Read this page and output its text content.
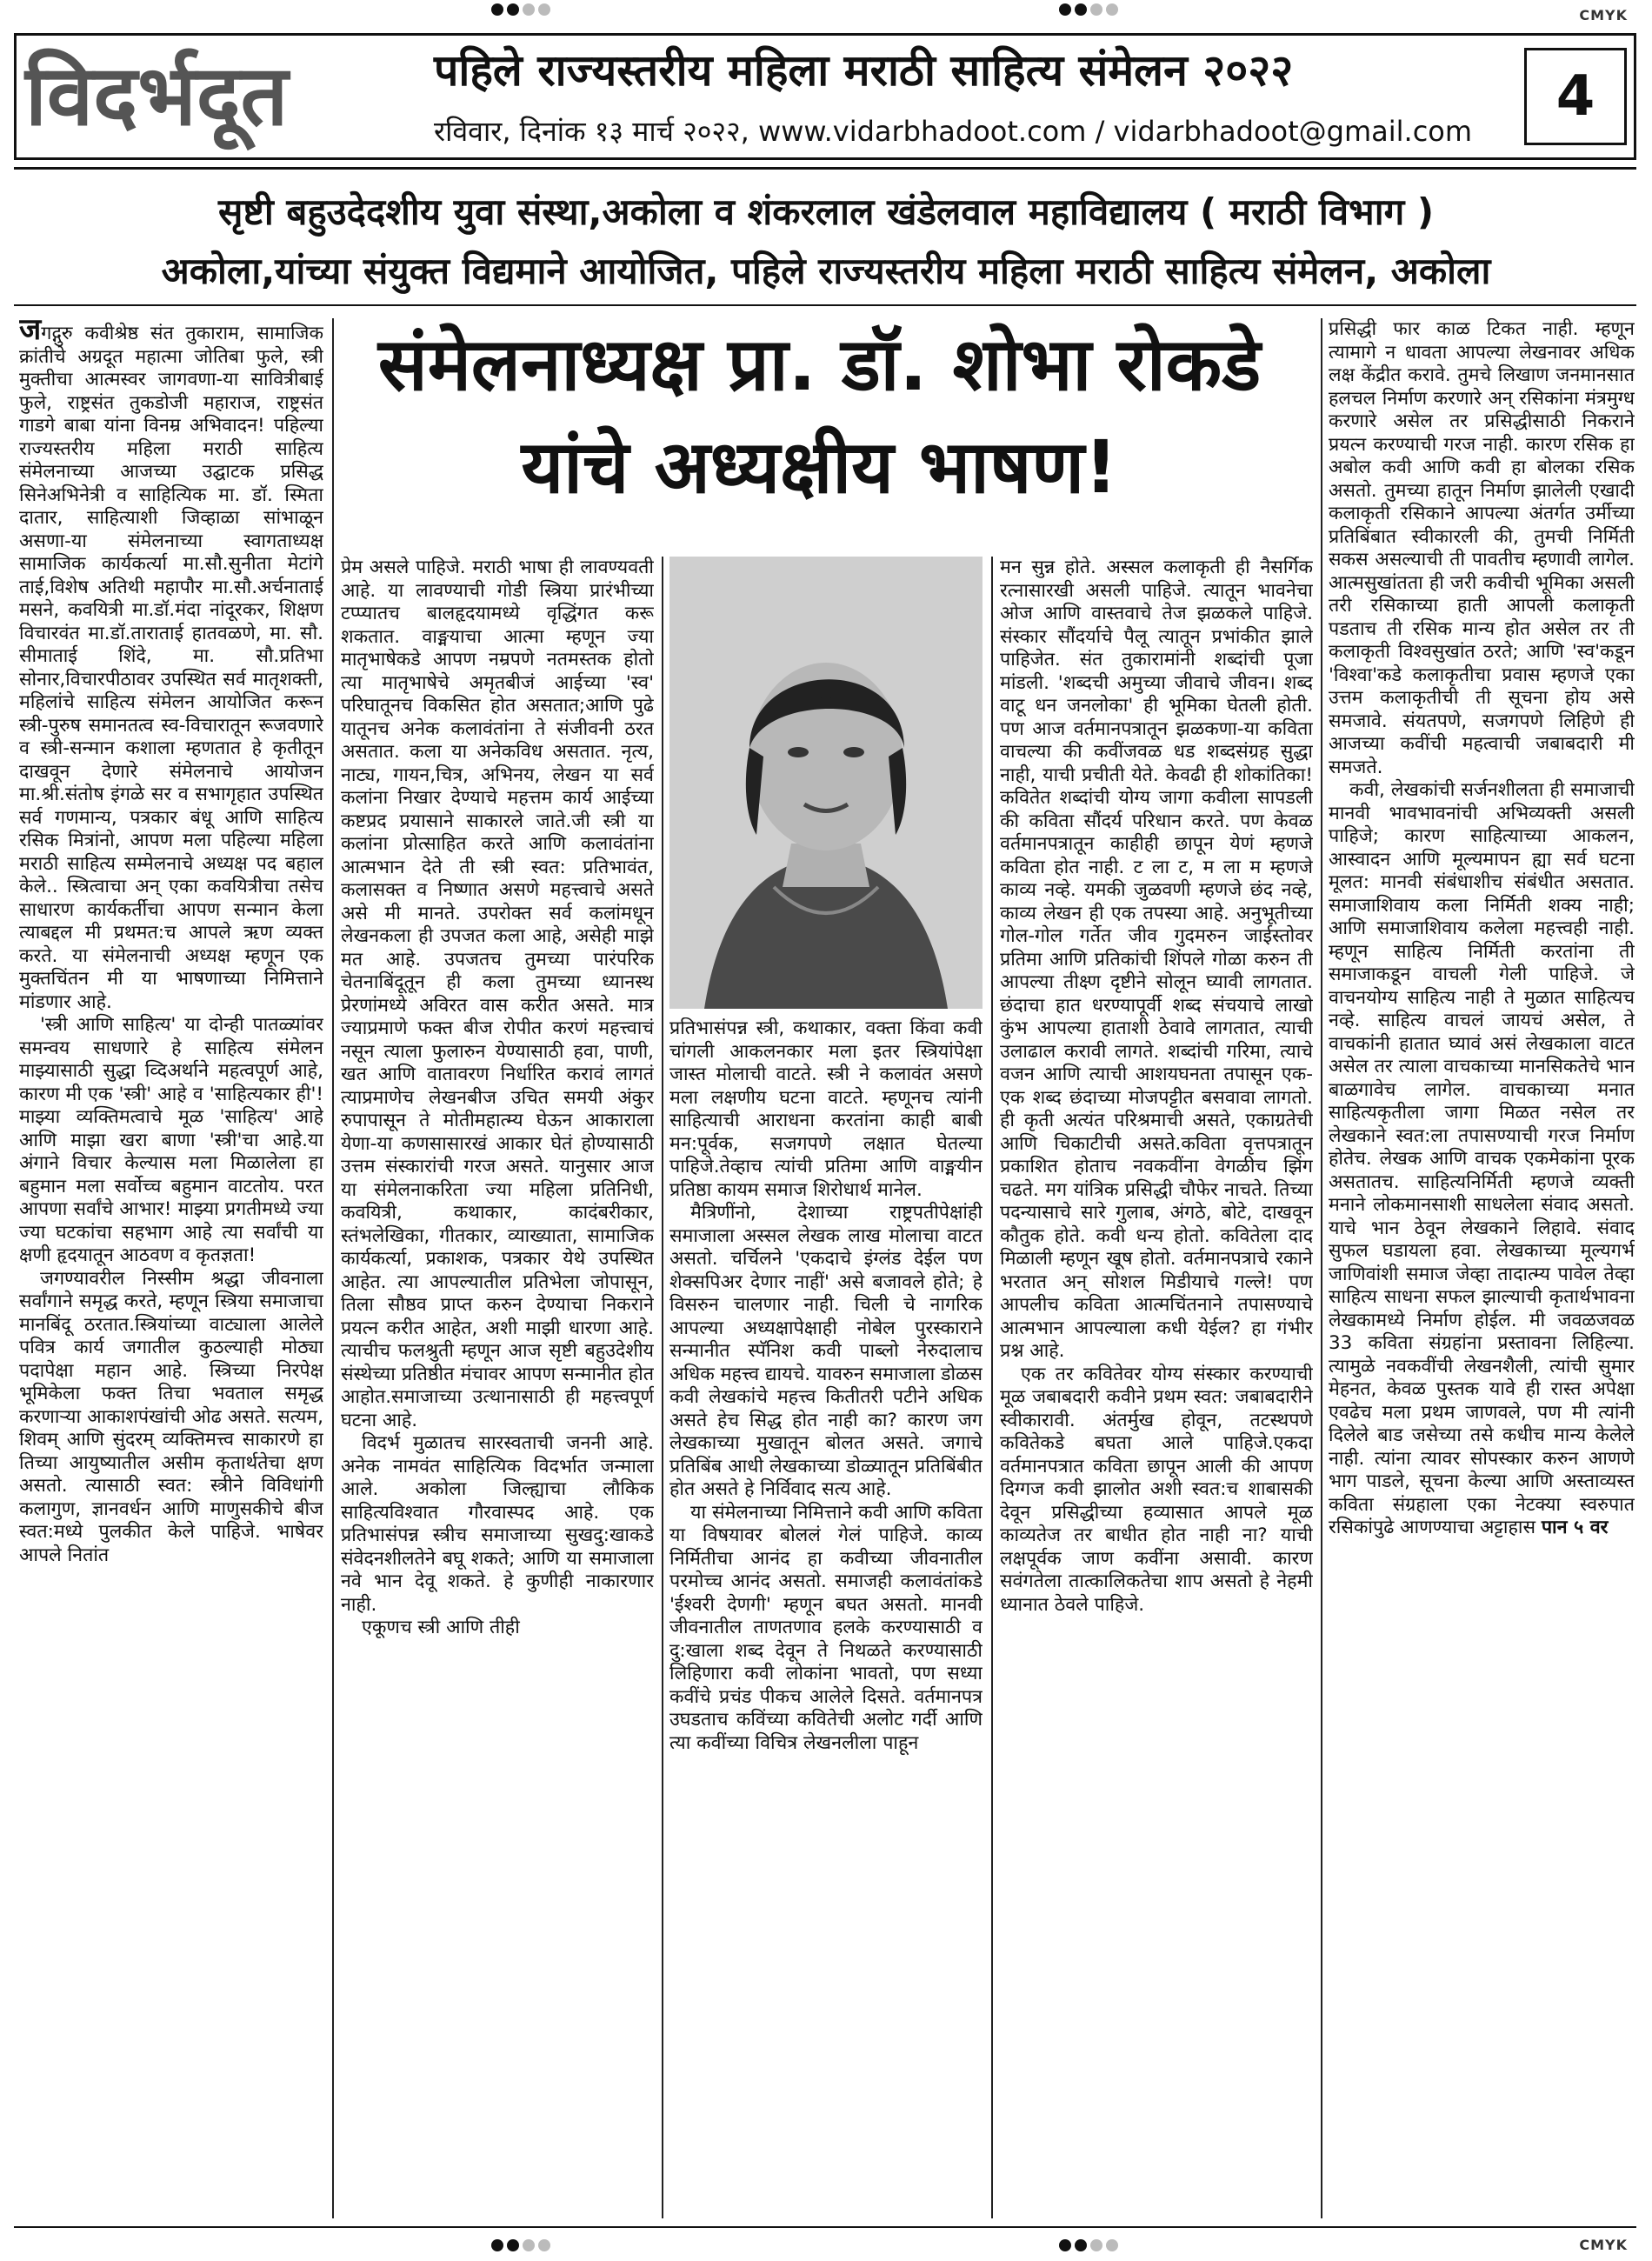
CMYK
विदर्भदूत	पहिले राज्यस्तरीय महिला मराठी साहित्य संमेलन २०२२
रविवार, दिनांक १३ मार्च २०२२, www.vidarbhadoot.com / vidarbhadoot@gmail.com
4
सृष्टी बहुउदेदशीय युवा संस्था,अकोला व शंकरलाल खंडेलवाल महाविद्यालय ( मराठी विभाग )
अकोला,यांच्या संयुक्त विद्यमाने आयोजित, पहिले राज्यस्तरीय महिला मराठी साहित्य संमेलन, अकोला
संमेलनाध्यक्ष प्रा. डॉ. शोभा रोकडे
यांचे अध्यक्षीय भाषण!

जगद्गुरु कवीश्रेष्ठ संत तुकाराम, सामाजिक क्रांतीचे अग्रदूत महात्मा जोतिबा फुले, स्त्री मुक्तीचा आत्मस्वर जागवणा-या सावित्रीबाई फुले, राष्ट्रसंत तुकडोजी महाराज, राष्ट्रसंत गाडगे बाबा यांना विनम्र अभिवादन! पहिल्या राज्यस्तरीय महिला मराठी साहित्य संमेलनाच्या आजच्या उद्घाटक प्रसिद्ध सिनेअभिनेत्री व साहित्यिक मा. डॉ. स्मिता दातार, साहित्याशी जिव्हाळा सांभाळून असणा-या संमेलनाच्या स्वागताध्यक्ष सामाजिक कार्यकर्त्या मा.सौ.सुनीता मेटांगे ताई,विशेष अतिथी महापौर मा.सौ.अर्चनाताई मसने, कवयित्री मा.डॉ.मंदा नांदूरकर, शिक्षण विचारवंत मा.डॉ.ताराताई हातवळणे, मा. सौ. सीमाताई शिंदे, मा. सौ.प्रतिभा सोनार,विचारपीठावर उपस्थित सर्व मातृशक्ती, महिलांचे साहित्य संमेलन आयोजित करून स्त्री-पुरुष समानतत्व स्व-विचारातून रूजवणारे व स्त्री-सन्मान कशाला म्हणतात हे कृतीतून दाखवून देणारे संमेलनाचे आयोजन मा.श्री.संतोष इंगळे सर व सभागृहात उपस्थित सर्व गणमान्य, पत्रकार बंधू आणि साहित्य रसिक मित्रांनो, आपण मला पहिल्या महिला मराठी साहित्य सम्मेलनाचे अध्यक्ष पद बहाल केले.. स्त्रित्वाचा अन् एका कवयित्रीचा तसेच साधारण कार्यकर्तीचा आपण सन्मान केला त्याबद्दल मी प्रथमत:च आपले ऋण व्यक्त करते. या संमेलनाची अध्यक्ष म्हणून एक मुक्तचिंतन मी या भाषणाच्या निमित्ताने मांडणार आहे.

'स्त्री आणि साहित्य' या दोन्ही पातळ्यांवर समन्वय साधणारे हे साहित्य संमेलन माझ्यासाठी सुद्धा व्दिअर्थाने महत्वपूर्ण आहे, कारण मी एक 'स्त्री' आहे व 'साहित्यकार ही'! माझ्या व्यक्तिमत्वाचे मूळ 'साहित्य' आहे आणि माझा खरा बाणा 'स्त्री'चा आहे.या अंगाने विचार केल्यास मला मिळालेला हा बहुमान मला सर्वोच्च बहुमान वाटतोय. परत आपणा सर्वांचे आभार! माझ्या प्रगतीमध्ये ज्या ज्या घटकांचा सहभाग आहे त्या सर्वांची या क्षणी हृदयातून आठवण व कृतज्ञता!

जगण्यावरील निस्सीम श्रद्धा जीवनाला सर्वांगाने समृद्ध करते, म्हणून स्त्रिया समाजाचा मानबिंदू ठरतात.स्त्रियांच्या वाट्याला आलेले पवित्र कार्य जगातील कुठल्याही मोठ्या पदापेक्षा महान आहे. स्त्रिच्या निरपेक्ष भूमिकेला फक्त तिचा भवताल समृद्ध करणाऱ्या आकाशपंखांची ओढ असते. सत्यम, शिवम् आणि सुंदरम् व्यक्तिमत्त्व साकारणे हा तिच्या आयुष्यातील असीम कृतार्थतेचा क्षण असतो. त्यासाठी स्वत: स्त्रीने विविधांगी कलागुण, ज्ञानवर्धन आणि माणुसकीचे बीज स्वत:मध्ये पुलकीत केले पाहिजे. भाषेवर आपले नितांत

प्रेम असले पाहिजे. मराठी भाषा ही लावण्यवती आहे. या लावण्याची गोडी स्त्रिया प्रारंभीच्या टप्प्यातच बालहृदयामध्ये वृद्धिंगत करू शकतात. वाङ्मयाचा आत्मा म्हणून ज्या मातृभाषेकडे आपण नम्रपणे नतमस्तक होतो त्या मातृभाषेचे अमृतबीजं आईच्या 'स्व' परिघातूनच विकसित होत असतात;आणि पुढे यातूनच अनेक कलावंतांना ते संजीवनी ठरत असतात. कला या अनेकविध असतात. नृत्य, नाट्य, गायन,चित्र, अभिनय, लेखन या सर्व कलांना निखार देण्याचे महत्तम कार्य आईच्या कष्टप्रद प्रयासाने साकारले जाते.जी स्त्री या कलांना प्रोत्साहित करते आणि कलावंतांना आत्मभान देते ती स्त्री स्वत: प्रतिभावंत, कलासक्त व निष्णात असणे महत्त्वाचे असते असे मी मानते. उपरोक्त सर्व कलांमधून लेखनकला ही उपजत कला आहे, असेही माझे मत आहे. उपजतच तुमच्या पारंपरिक चेतनाबिंदूतून ही कला तुमच्या ध्यानस्थ प्रेरणांमध्ये अविरत वास करीत असते. मात्र ज्याप्रमाणे फक्त बीज रोपीत करणं महत्त्वाचं नसून त्याला फुलारुन येण्यासाठी हवा, पाणी, खत आणि वातावरण निर्धारित करावं लागतं त्याप्रमाणेच लेखनबीज उचित समयी अंकुर रुपापासून ते मोतीमहात्म्य घेऊन आकाराला येणा-या कणसासारखं आकार घेतं होण्यासाठी उत्तम संस्कारांची गरज असते. यानुसार आज या संमेलनाकरिता ज्या महिला प्रतिनिधी, कवयित्री, कथाकार, कादंबरीकार, स्तंभलेखिका, गीतकार, व्याख्याता, सामाजिक कार्यकर्त्या, प्रकाशक, पत्रकार येथे उपस्थित आहेत. त्या आपल्यातील प्रतिभेला जोपासून, तिला सौष्ठव प्राप्त करुन देण्याचा निकराने प्रयत्न करीत आहेत, अशी माझी धारणा आहे. त्याचीच फलश्रुती म्हणून आज सृष्टी बहुउदेशीय संस्थेच्या प्रतिष्ठीत मंचावर आपण सन्मानीत होत आहोत.समाजाच्या उत्थानासाठी ही महत्त्वपूर्ण घटना आहे.

विदर्भ मुळातच सारस्वताची जननी आहे. अनेक नामवंत साहित्यिक विदर्भात जन्माला आले. अकोला जिल्ह्याचा लौकिक साहित्यविश्वात गौरवास्पद आहे. एक प्रतिभासंपन्न स्त्रीच समाजाच्या सुखदु:खाकडे संवेदनशीलतेने बघू शकते; आणि या समाजाला नवे भान देवू शकते. हे कुणीही नाकारणार नाही.

एकूणच स्त्री आणि तीही

प्रतिभासंपन्न स्त्री, कथाकार, वक्ता किंवा कवी चांगली आकलनकार मला इतर स्त्रियांपेक्षा जास्त मोलाची वाटते. स्त्री ने कलावंत असणे मला लक्षणीय घटना वाटते. म्हणूनच त्यांनी साहित्याची आराधना करतांना काही बाबी मन:पूर्वक, सजगपणे लक्षात घेतल्या पाहिजे.तेव्हाच त्यांची प्रतिमा आणि वाङ्मयीन प्रतिष्ठा कायम समाज शिरोधार्थ मानेल.

मैत्रिणींनो, देशाच्या राष्ट्रपतीपेक्षांही समाजाला अस्सल लेखक लाख मोलाचा वाटत असतो. चर्चिलने 'एकदाचे इंग्लंड देईल पण शेक्सपिअर देणार नाहीं' असे बजावले होते; हे विसरुन चालणार नाही. चिली चे नागरिक आपल्या अध्यक्षापेक्षाही नोबेल पुरस्काराने सन्मानीत स्पॅनिश कवी पाब्लो नेरुदालाच अधिक महत्त्व द्यायचे. यावरुन समाजाला डोळस कवी लेखकांचे महत्त्व कितीतरी पटीने अधिक असते हेच सिद्ध होत नाही का? कारण जग लेखकाच्या मुखातून बोलत असते. जगाचे प्रतिबिंब आधी लेखकाच्या डोळ्यातून प्रतिबिंबीत होत असते हे निर्विवाद सत्य आहे.

या संमेलनाच्या निमित्ताने कवी आणि कविता या विषयावर बोललं गेलं पाहिजे. काव्य निर्मितीचा आनंद हा कवीच्या जीवनातील परमोच्च आनंद असतो. समाजही कलावंतांकडे 'ईश्वरी देणगी' म्हणून बघत असतो. मानवी जीवनातील ताणतणाव हलके करण्यासाठी व दु:खाला शब्द देवून ते निथळते करण्यासाठी लिहिणारा कवी लोकांना भावतो, पण सध्या कवींचे प्रचंड पीकच आलेले दिसते. वर्तमानपत्र उघडताच कविंच्या कवितेची अलोट गर्दी आणि त्या कवींच्या विचित्र लेखनलीला पाहून

मन सुन्न होते. अस्सल कलाकृती ही नैसर्गिक रत्नासारखी असली पाहिजे. त्यातून भावनेचा ओज आणि वास्तवाचे तेज झळकले पाहिजे. संस्कार सौंदर्याचे पैलू त्यातून प्रभांकीत झाले पाहिजेत. संत तुकारामांनी शब्दांची पूजा मांडली. 'शब्दची अमुच्या जीवाचे जीवन। शब्द वाटू धन जनलोका' ही भूमिका घेतली होती. पण आज वर्तमानपत्रातून झळकणा-या कविता वाचल्या की कवींजवळ धड शब्दसंग्रह सुद्धा नाही, याची प्रचीती येते. केवढी ही शोकांतिका! कवितेत शब्दांची योग्य जागा कवीला सापडली की कविता सौंदर्य परिधान करते. पण केवळ वर्तमानपत्रातून काहीही छापून येणं म्हणजे कविता होत नाही. ट ला ट, म ला म म्हणजे काव्य नव्हे. यमकी जुळवणी म्हणजे छंद नव्हे, काव्य लेखन ही एक तपस्या आहे. अनुभूतीच्या गोल-गोल गर्तेत जीव गुदमरुन जाईस्तोवर प्रतिमा आणि प्रतिकांची शिंपले गोळा करुन ती आपल्या तीक्ष्ण दृष्टीने सोलून घ्यावी लागतात. छंदाचा हात धरण्यापूर्वी शब्द संचयाचे लाखो कुंभ आपल्या हाताशी ठेवावे लागतात, त्याची उलाढाल करावी लागते. शब्दांची गरिमा, त्याचे वजन आणि त्याची आशयघनता तपासून एक-एक शब्द छंदाच्या मोजपट्टीत बसवावा लागतो. ही कृती अत्यंत परिश्रमाची असते, एकाग्रतेची आणि चिकाटीची असते.कविता वृत्तपत्रातून प्रकाशित होताच नवकवींना वेगळीच झिंग चढते. मग यांत्रिक प्रसिद्धी चौफेर नाचते. तिच्या पदन्यासाचे सारे गुलाब, अंगठे, बोटे, दाखवून कौतुक होते. कवी धन्य होतो. कवितेला दाद मिळाली म्हणून खूष होतो. वर्तमानपत्राचे रकाने भरतात अन् सोशल मिडीयाचे गल्ले! पण आपलीच कविता आत्मचिंतनाने तपासण्याचे आत्मभान आपल्याला कधी येईल? हा गंभीर प्रश्न आहे.

एक तर कवितेवर योग्य संस्कार करण्याची मूळ जबाबदारी कवीने प्रथम स्वत: जबाबदारीने स्वीकारावी. अंतर्मुख होवून, तटस्थपणे कवितेकडे बघता आले पाहिजे.एकदा वर्तमानपत्रात कविता छापून आली की आपण दिग्गज कवी झालोत अशी स्वत:च शाबासकी देवून प्रसिद्धीच्या हव्यासात आपले मूळ काव्यतेज तर बाधीत होत नाही ना? याची लक्षपूर्वक जाण कवींना असावी. कारण सवंगतेला तात्कालिकतेचा शाप असतो हे नेहमी ध्यानात ठेवले पाहिजे.

प्रसिद्धी फार काळ टिकत नाही. म्हणून त्यामागे न धावता आपल्या लेखनावर अधिक लक्ष केंद्रीत करावे. तुमचे लिखाण जनमानसात हलचल निर्माण करणारे अन् रसिकांना मंत्रमुग्ध करणारे असेल तर प्रसिद्धीसाठी निकराने प्रयत्न करण्याची गरज नाही. कारण रसिक हा अबोल कवी आणि कवी हा बोलका रसिक असतो. तुमच्या हातून निर्माण झालेली एखादी कलाकृती रसिकाने आपल्या अंतर्गत उर्मीच्या प्रतिबिंबात स्वीकारली की, तुमची निर्मिती सकस असल्याची ती पावतीच म्हणावी लागेल. आत्मसुखांतता ही जरी कवीची भूमिका असली तरी रसिकाच्या हाती आपली कलाकृती पडताच ती रसिक मान्य होत असेल तर ती कलाकृती विश्वसुखांत ठरते; आणि 'स्व'कडून 'विश्वा'कडे कलाकृतीचा प्रवास म्हणजे एका उत्तम कलाकृतीची ती सूचना होय असे समजावे. संयतपणे, सजगपणे लिहिणे ही आजच्या कवींची महत्वाची जबाबदारी मी समजते.

कवी, लेखकांची सर्जनशीलता ही समाजाची मानवी भावभावनांची अभिव्यक्ती असली पाहिजे; कारण साहित्याच्या आकलन, आस्वादन आणि मूल्यमापन ह्या सर्व घटना मूलत: मानवी संबंधाशीच संबंधीत असतात. समाजाशिवाय कला निर्मिती शक्य नाही; आणि समाजाशिवाय कलेला महत्त्वही नाही. म्हणून साहित्य निर्मिती करतांना ती समाजाकडून वाचली गेली पाहिजे. जे वाचनयोग्य साहित्य नाही ते मुळात साहित्यच नव्हे. साहित्य वाचलं जायचं असेल, ते वाचकांनी हातात घ्यावं असं लेखकाला वाटत असेल तर त्याला वाचकाच्या मानसिकतेचे भान बाळगावेच लागेल. वाचकाच्या मनात साहित्यकृतीला जागा मिळत नसेल तर लेखकाने स्वत:ला तपासण्याची गरज निर्माण होतेच. लेखक आणि वाचक एकमेकांना पूरक असतातच. साहित्यनिर्मिती म्हणजे व्यक्ती मनाने लोकमानसाशी साधलेला संवाद असतो. याचे भान ठेवून लेखकाने लिहावे. संवाद सुफल घडायला हवा. लेखकाच्या मूल्यगर्भ जाणिवांशी समाज जेव्हा तादात्म्य पावेल तेव्हा साहित्य साधना सफल झाल्याची कृतार्थभावना लेखकामध्ये निर्माण होईल. मी जवळजवळ 33 कविता संग्रहांना प्रस्तावना लिहिल्या. त्यामुळे नवकवींची लेखनशैली, त्यांची सुमार मेहनत, केवळ पुस्तक यावे ही रास्त अपेक्षा एवढेच मला प्रथम जाणवले, पण मी त्यांनी दिलेले बाड जसेच्या तसे कधीच मान्य केलेले नाही. त्यांना त्यावर सोपस्कार करुन आणणे भाग पाडले, सूचना केल्या आणि अस्ताव्यस्त कविता संग्रहाला एका नेटक्या स्वरुपात रसिकांपुढे आणण्याचा अट्टाहास पान ५ वर

CMYK
